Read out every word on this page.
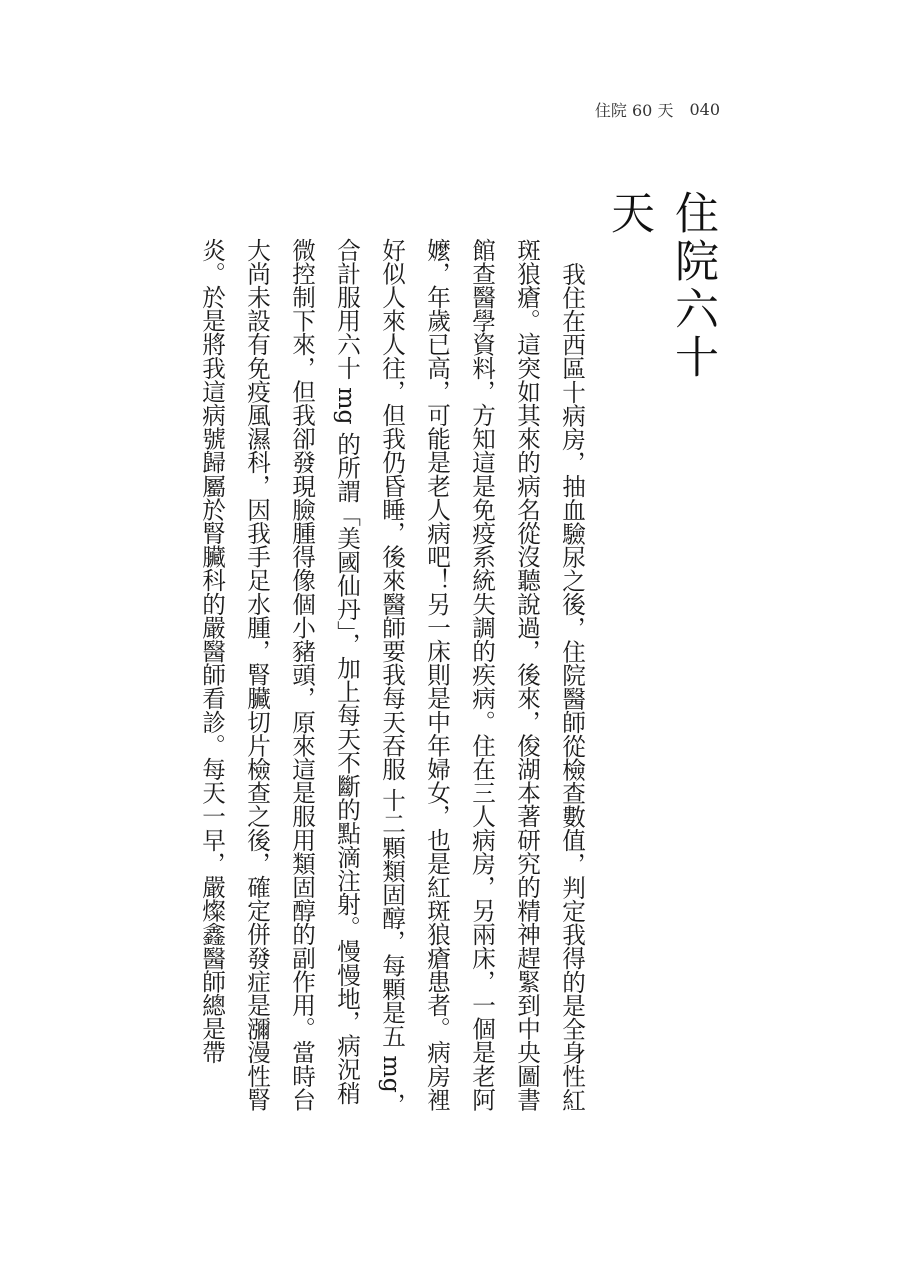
住院 60 天 040
住院六十天

我住在西區十病房，抽血驗尿之後，住院醫師從檢查數值，判定我得的是全身性紅斑狼瘡。這突如其來的病名從沒聽說過，後來，俊湖本著研究的精神趕緊到中央圖書館查醫學資料，方知這是免疫系統失調的疾病。住在三人病房，另兩床，一個是老阿嬤，年歲已高，可能是老人病吧！另一床則是中年婦女，也是紅斑狼瘡患者。病房裡好似人來人往，但我仍昏睡，後來醫師要我每天吞服 十二顆類固醇，每顆是五 mg，合計服用六十 mg 的所謂「美國仙丹」，加上每天不斷的點滴注射。慢慢地，病況稍微控制下來，但我卻發現臉腫得像個小豬頭，原來這是服用類固醇的副作用。當時台大尚未設有免疫風濕科，因我手足水腫，腎臟切片檢查之後，確定併發症是瀰漫性腎炎。於是將我這病號歸屬於腎臟科的嚴醫師看診。每天一早，嚴燦鑫醫師總是帶
